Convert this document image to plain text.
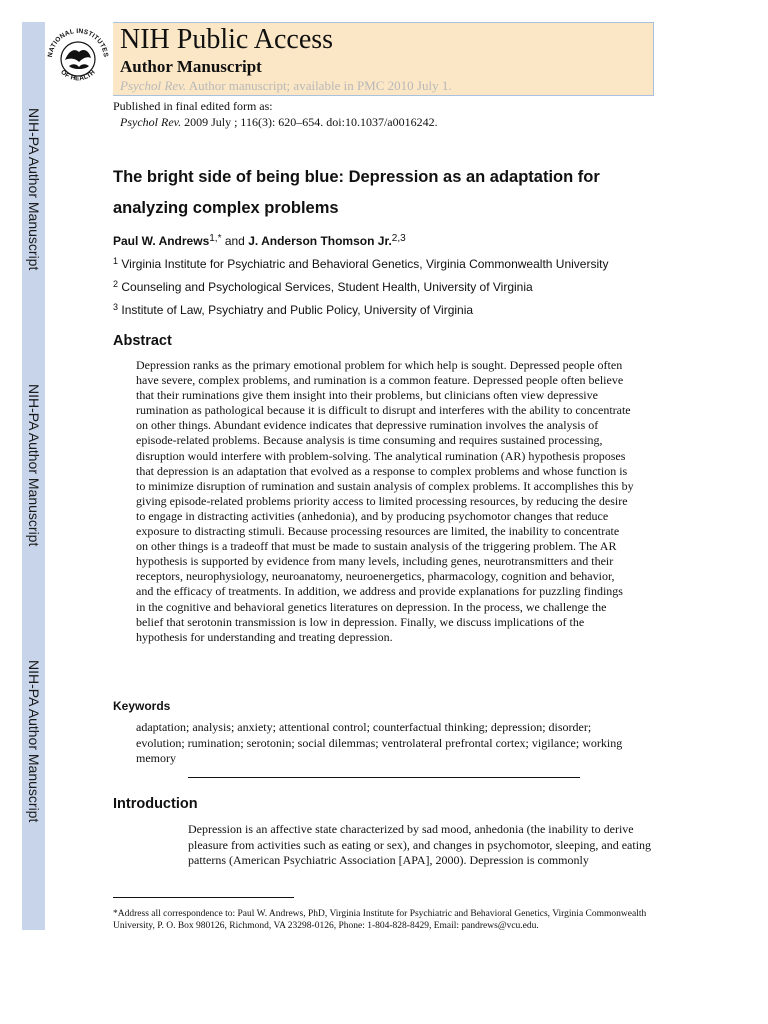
NIH-PA Author Manuscript
NIH-PA Author Manuscript
NIH-PA Author Manuscript
NATIONAL INSTITUTES
OF HEALTH
NIH Public Access
Author Manuscript
Psychol Rev. Author manuscript; available in PMC 2010 July 1.
Published in final edited form as:
Psychol Rev. 2009 July ; 116(3): 620–654. doi:10.1037/a0016242.
The bright side of being blue: Depression as an adaptation for analyzing complex problems
Paul W. Andrews$^{1,*}$ and J. Anderson Thomson Jr.$^{2,3}$
$^1$ Virginia Institute for Psychiatric and Behavioral Genetics, Virginia Commonwealth University
$^2$ Counseling and Psychological Services, Student Health, University of Virginia
$^3$ Institute of Law, Psychiatry and Public Policy, University of Virginia
Abstract
Depression ranks as the primary emotional problem for which help is sought. Depressed people often have severe, complex problems, and rumination is a common feature. Depressed people often believe that their ruminations give them insight into their problems, but clinicians often view depressive rumination as pathological because it is difficult to disrupt and interferes with the ability to concentrate on other things. Abundant evidence indicates that depressive rumination involves the analysis of episode-related problems. Because analysis is time consuming and requires sustained processing, disruption would interfere with problem-solving. The analytical rumination (AR) hypothesis proposes that depression is an adaptation that evolved as a response to complex problems and whose function is to minimize disruption of rumination and sustain analysis of complex problems. It accomplishes this by giving episode-related problems priority access to limited processing resources, by reducing the desire to engage in distracting activities (anhedonia), and by producing psychomotor changes that reduce exposure to distracting stimuli. Because processing resources are limited, the inability to concentrate on other things is a tradeoff that must be made to sustain analysis of the triggering problem. The AR hypothesis is supported by evidence from many levels, including genes, neurotransmitters and their receptors, neurophysiology, neuroanatomy, neuroenergetics, pharmacology, cognition and behavior, and the efficacy of treatments. In addition, we address and provide explanations for puzzling findings in the cognitive and behavioral genetics literatures on depression. In the process, we challenge the belief that serotonin transmission is low in depression. Finally, we discuss implications of the hypothesis for understanding and treating depression.
Keywords
adaptation; analysis; anxiety; attentional control; counterfactual thinking; depression; disorder; evolution; rumination; serotonin; social dilemmas; ventrolateral prefrontal cortex; vigilance; working memory
Introduction
Depression is an affective state characterized by sad mood, anhedonia (the inability to derive pleasure from activities such as eating or sex), and changes in psychomotor, sleeping, and eating patterns (American Psychiatric Association [APA], 2000). Depression is commonly
*Address all correspondence to: Paul W. Andrews, PhD, Virginia Institute for Psychiatric and Behavioral Genetics, Virginia Commonwealth University, P. O. Box 980126, Richmond, VA 23298-0126, Phone: 1-804-828-8429, Email: pandrews@vcu.edu.
